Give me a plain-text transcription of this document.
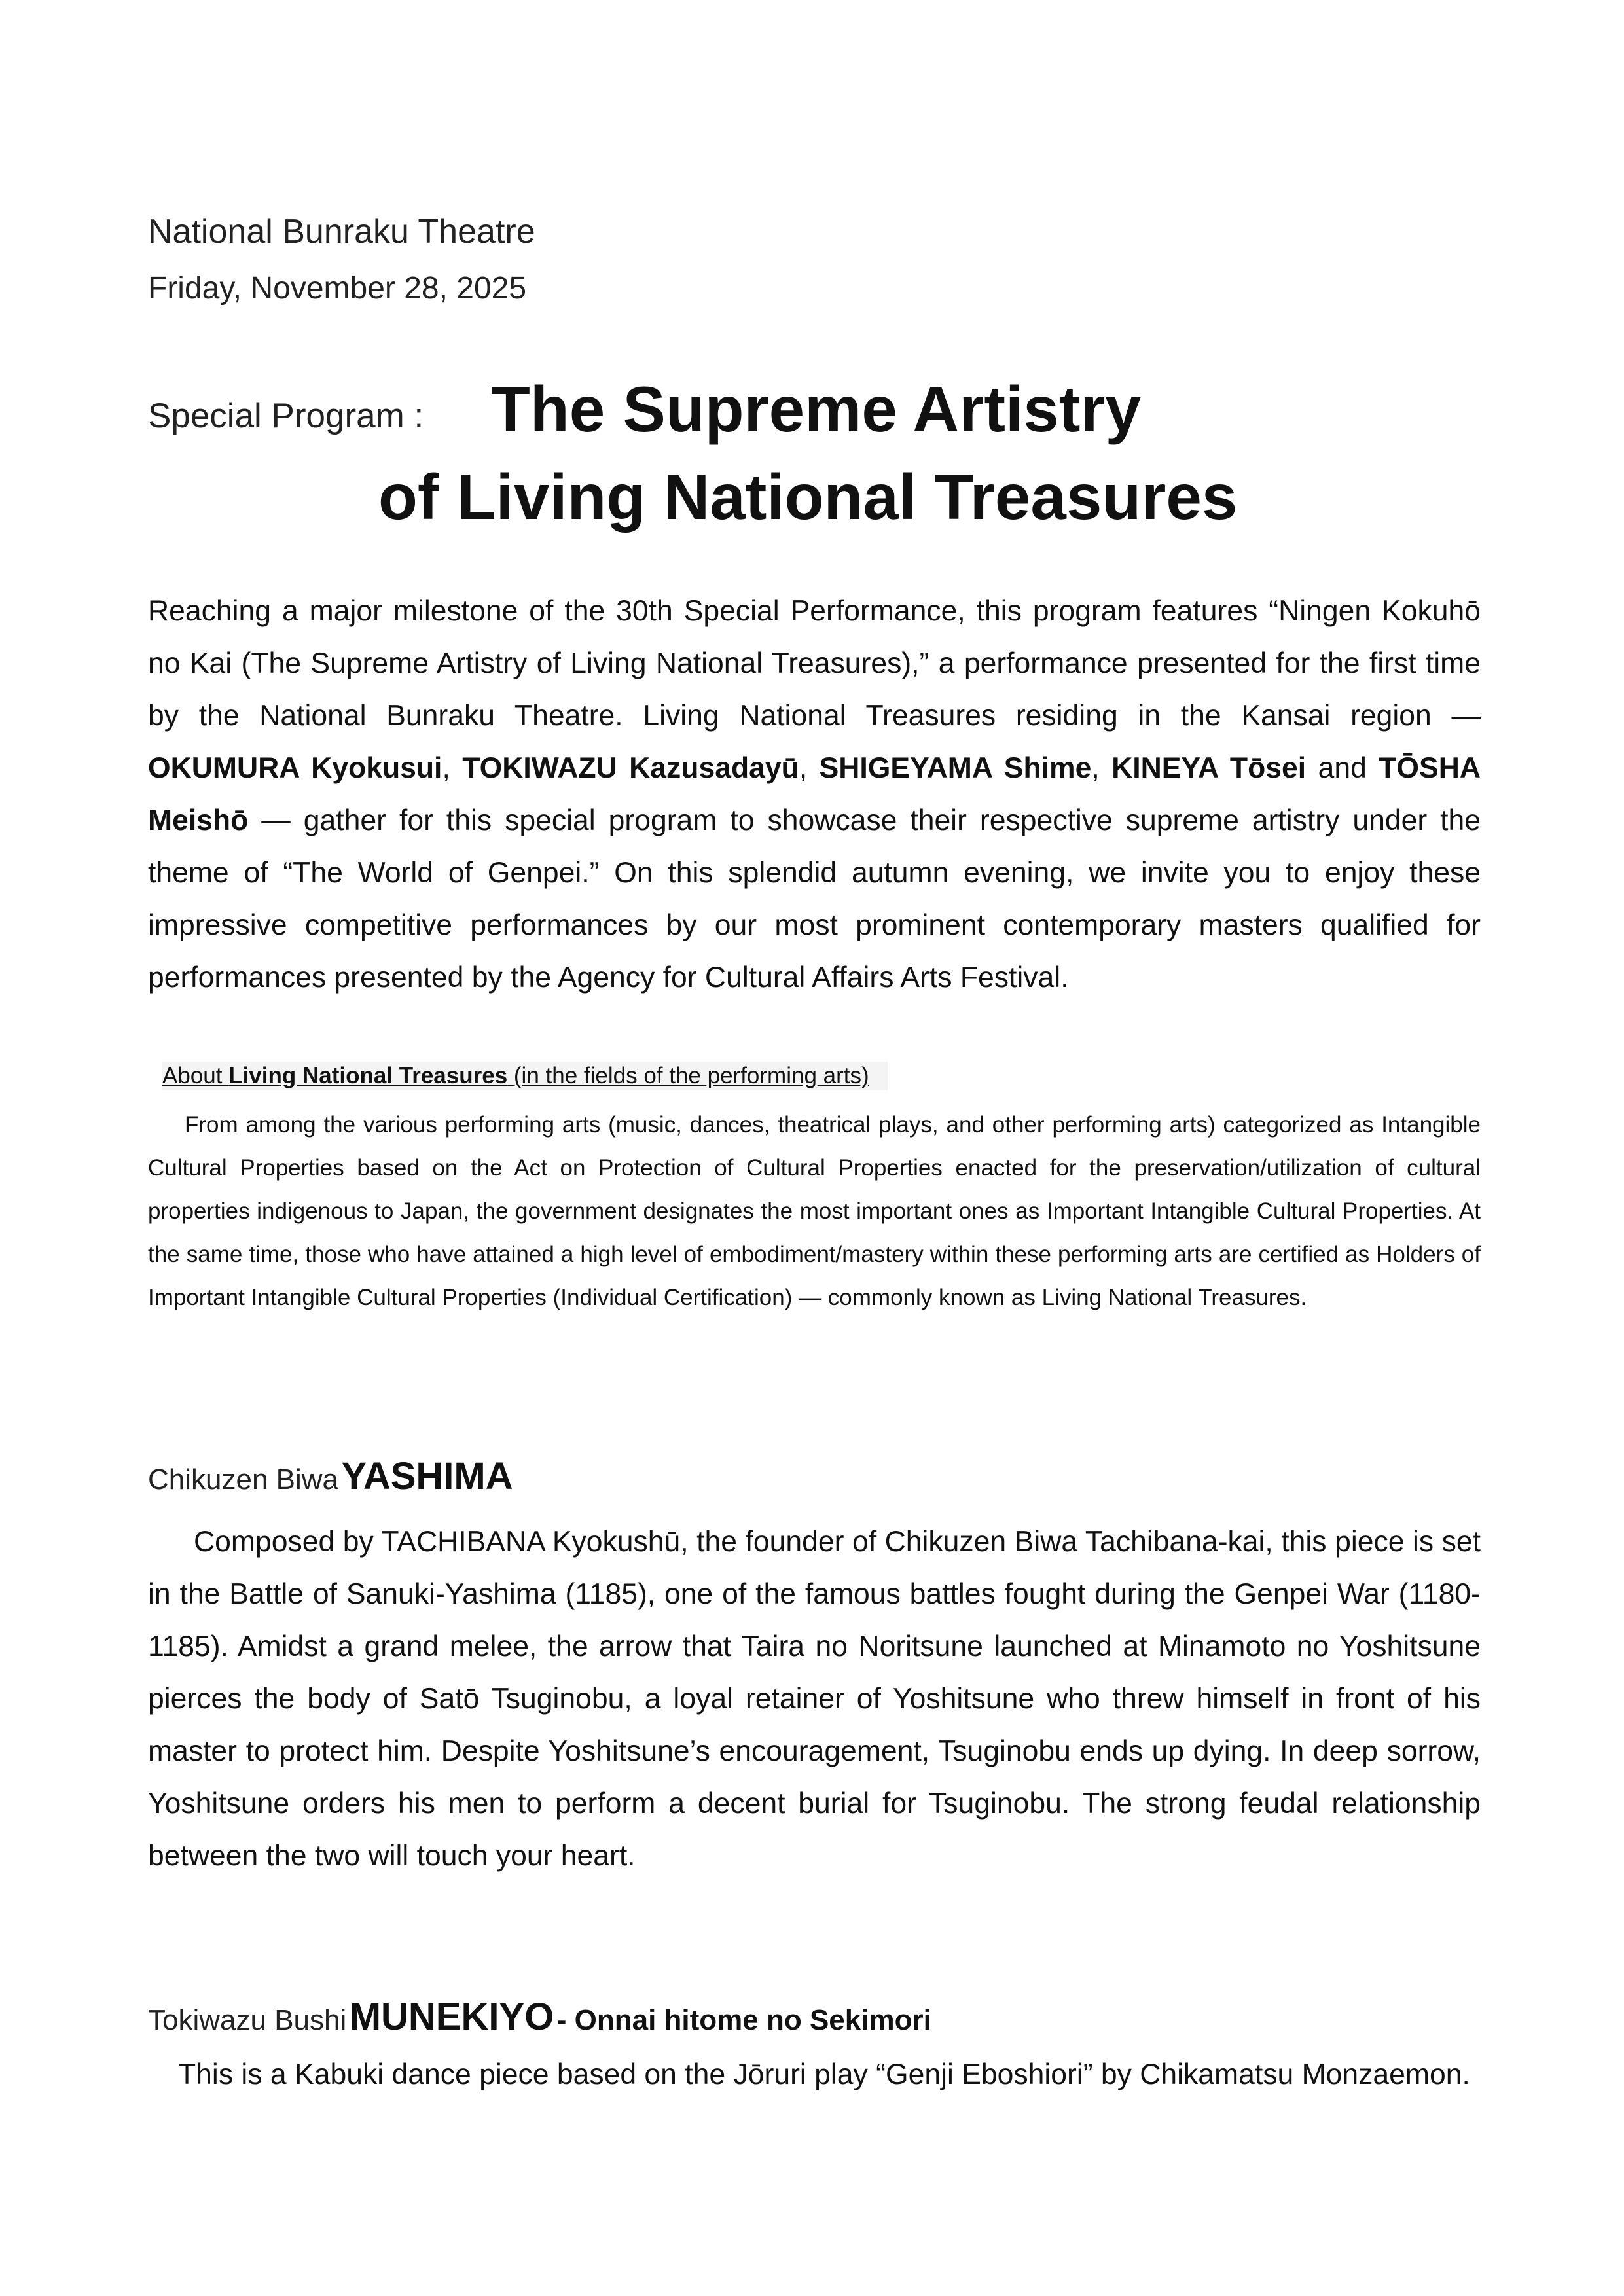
National Bunraku Theatre
Friday, November 28, 2025
Special Program : The Supreme Artistry
of Living National Treasures
Reaching a major milestone of the 30th Special Performance, this program features “Ningen Kokuhō no Kai (The Supreme Artistry of Living National Treasures),” a performance presented for the first time by the National Bunraku Theatre. Living National Treasures residing in the Kansai region — OKUMURA Kyokusui, TOKIWAZU Kazusadayū, SHIGEYAMA Shime, KINEYA Tōsei and TŌSHA Meishō — gather for this special program to showcase their respective supreme artistry under the theme of “The World of Genpei.” On this splendid autumn evening, we invite you to enjoy these impressive competitive performances by our most prominent contemporary masters qualified for performances presented by the Agency for Cultural Affairs Arts Festival.
About Living National Treasures (in the fields of the performing arts)
From among the various performing arts (music, dances, theatrical plays, and other performing arts) categorized as Intangible Cultural Properties based on the Act on Protection of Cultural Properties enacted for the preservation/utilization of cultural properties indigenous to Japan, the government designates the most important ones as Important Intangible Cultural Properties. At the same time, those who have attained a high level of embodiment/mastery within these performing arts are certified as Holders of Important Intangible Cultural Properties (Individual Certification) — commonly known as Living National Treasures.
Chikuzen Biwa YASHIMA
Composed by TACHIBANA Kyokushū, the founder of Chikuzen Biwa Tachibana-kai, this piece is set in the Battle of Sanuki-Yashima (1185), one of the famous battles fought during the Genpei War (1180-1185). Amidst a grand melee, the arrow that Taira no Noritsune launched at Minamoto no Yoshitsune pierces the body of Satō Tsuginobu, a loyal retainer of Yoshitsune who threw himself in front of his master to protect him. Despite Yoshitsune’s encouragement, Tsuginobu ends up dying. In deep sorrow, Yoshitsune orders his men to perform a decent burial for Tsuginobu. The strong feudal relationship between the two will touch your heart.
Tokiwazu Bushi MUNEKIYO - Onnai hitome no Sekimori
This is a Kabuki dance piece based on the Jōruri play “Genji Eboshiori” by Chikamatsu Monzaemon.
